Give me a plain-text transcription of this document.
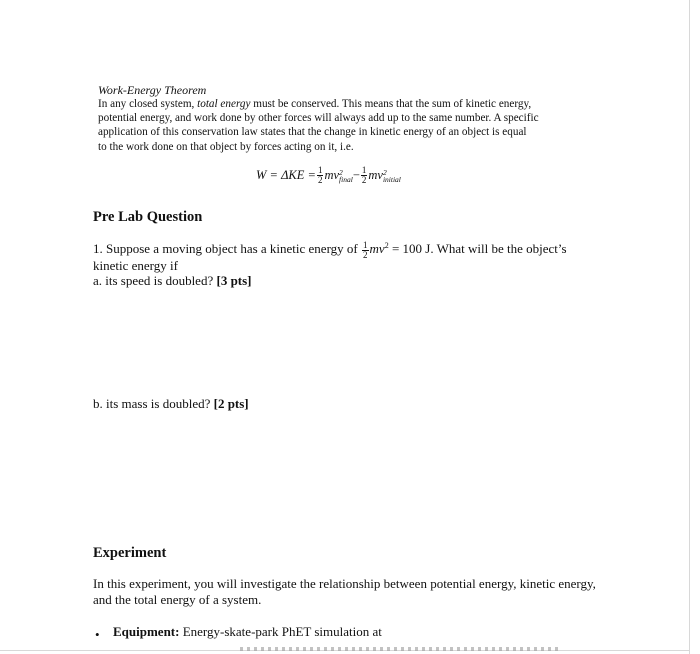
Work-Energy Theorem
In any closed system, total energy must be conserved. This means that the sum of kinetic energy,
potential energy, and work done by other forces will always add up to the same number. A specific
application of this conservation law states that the change in kinetic energy of an object is equal
to the work done on that object by forces acting on it, i.e.
$W = \Delta KE = \frac{1}{2}$ mv 2
final − $\frac{1}{2}$ mv 2
initial
Pre Lab Question
1. Suppose a moving object has a kinetic energy of $\frac{1}{2} mv^2 = 100$ J. What will be the object’s
kinetic energy if
a. its speed is doubled? [3 pts]
b. its mass is doubled? [2 pts]
Experiment
In this experiment, you will investigate the relationship between potential energy, kinetic energy,
and the total energy of a system.
• Equipment: Energy-skate-park PhET simulation at
